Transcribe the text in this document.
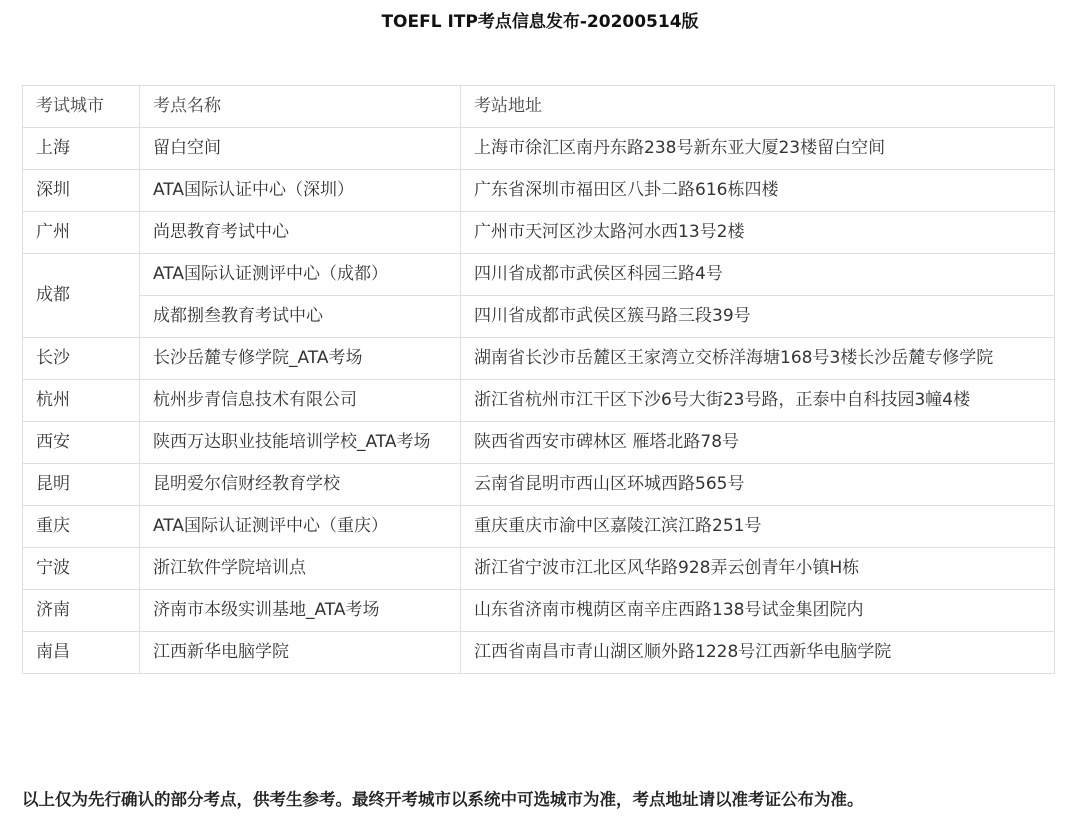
TOEFL ITP考点信息发布-20200514版
考试城市	考点名称	考站地址
上海	留白空间	上海市徐汇区南丹东路238号新东亚大厦23楼留白空间
深圳	ATA国际认证中心（深圳）	广东省深圳市福田区八卦二路616栋四楼
广州	尚思教育考试中心	广州市天河区沙太路河水西13号2楼
成都	ATA国际认证测评中心（成都）	四川省成都市武侯区科园三路4号
	成都捌叁教育考试中心	四川省成都市武侯区簇马路三段39号
长沙	长沙岳麓专修学院_ATA考场	湖南省长沙市岳麓区王家湾立交桥洋海塘168号3楼长沙岳麓专修学院
杭州	杭州步青信息技术有限公司	浙江省杭州市江干区下沙6号大街23号路，正泰中自科技园3幢4楼
西安	陕西万达职业技能培训学校_ATA考场	陕西省西安市碑林区 雁塔北路78号
昆明	昆明爱尔信财经教育学校	云南省昆明市西山区环城西路565号
重庆	ATA国际认证测评中心（重庆）	重庆重庆市渝中区嘉陵江滨江路251号
宁波	浙江软件学院培训点	浙江省宁波市江北区风华路928弄云创青年小镇H栋
济南	济南市本级实训基地_ATA考场	山东省济南市槐荫区南辛庄西路138号试金集团院内
南昌	江西新华电脑学院	江西省南昌市青山湖区顺外路1228号江西新华电脑学院
以上仅为先行确认的部分考点，供考生参考。最终开考城市以系统中可选城市为准，考点地址请以准考证公布为准。
